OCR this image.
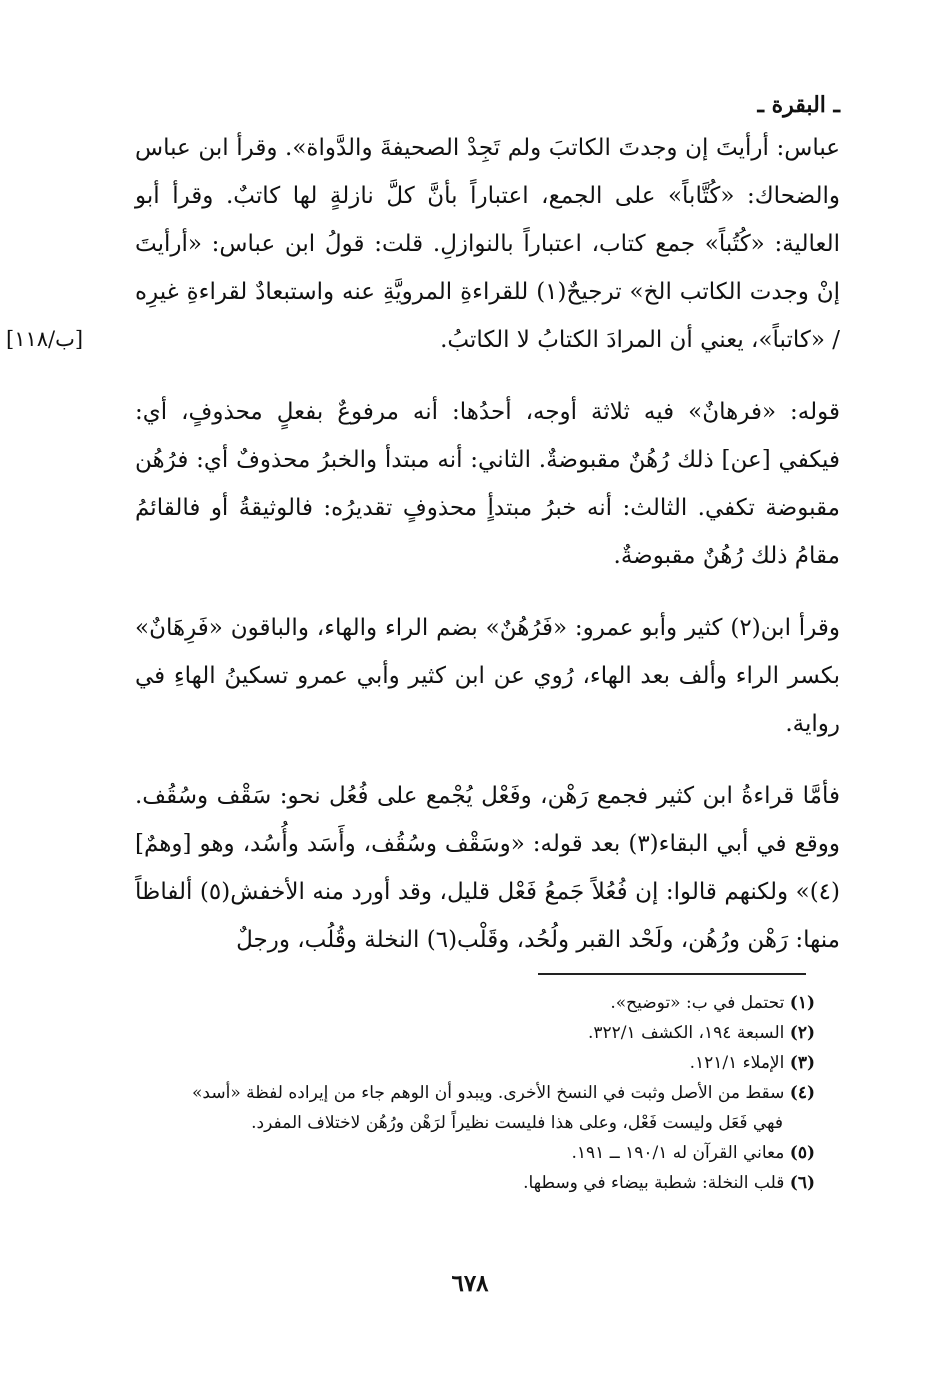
ـ البقرة ـ
[۱۱۸/ب]

عباس: أرأيتَ إن وجدتَ الكاتبَ ولم تَجِدْ الصحيفةَ والدَّواة». وقرأ ابن عباس والضحاك: «كُتَّاباً» على الجمع، اعتباراً بأنَّ كلَّ نازلةٍ لها كاتبٌ. وقرأ أبو العالية: «كُتُباً» جمع كتاب، اعتباراً بالنوازلِ. قلت: قولُ ابن عباس: «أرأيتَ إنْ وجدت الكاتب الخ» ترجيحٌ(١) للقراءةِ المرويَّةِ عنه واستبعادٌ لقراءةِ غيرِه / «كاتباً»، يعني أن المرادَ الكتابُ لا الكاتبُ.

قوله: «فرهانٌ» فيه ثلاثة أوجه، أحدُها: أنه مرفوعٌ بفعلٍ محذوفٍ، أي: فيكفي [عن] ذلك رُهُنٌ مقبوضةٌ. الثاني: أنه مبتدأ والخبرُ محذوفٌ أي: فرُهُن مقبوضة تكفي. الثالث: أنه خبرُ مبتدأٍ محذوفٍ تقديرُه: فالوثيقةُ أو فالقائمُ مقامُ ذلك رُهُنٌ مقبوضةٌ.

وقرأ ابن(٢) كثير وأبو عمرو: «فَرُهُنٌ» بضم الراء والهاء، والباقون «فَرِهَانٌ» بكسر الراء وألف بعد الهاء، رُوي عن ابن كثير وأبي عمرو تسكينُ الهاءِ في رواية.

فأمَّا قراءةُ ابن كثير فجمع رَهْن، وفَعْل يُجْمع على فُعُل نحو: سَقْف وسُقُف. ووقع في أبي البقاء(٣) بعد قوله: «وسَقْف وسُقُف، وأَسَد وأُسُد، وهو [وهمٌ](٤)» ولكنهم قالوا: إن فُعُلاً جَمعُ فَعْل قليل، وقد أورد منه الأخفش(٥) ألفاظاً منها: رَهْن ورُهُن، ولَحْد القبر ولُحُد، وقَلْب(٦) النخلة وقُلُب، ورجلٌ

(١) تحتمل في ب: «توضيح».

(٢) السبعة ١٩٤، الكشف ٣٢٢/١.

(٣) الإملاء ١٢١/١.

(٤) سقط من الأصل وثبت في النسخ الأخرى. ويبدو أن الوهم جاء من إيراده لفظة «أسد»

فهي فَعَل وليست فَعْل، وعلى هذا فليست نظيراً لرَهْن ورُهُن لاختلاف المفرد.

(٥) معاني القرآن له ١٩٠/١ ــ ١٩١.

(٦) قلب النخلة: شطبة بيضاء في وسطها.

٦٧٨
